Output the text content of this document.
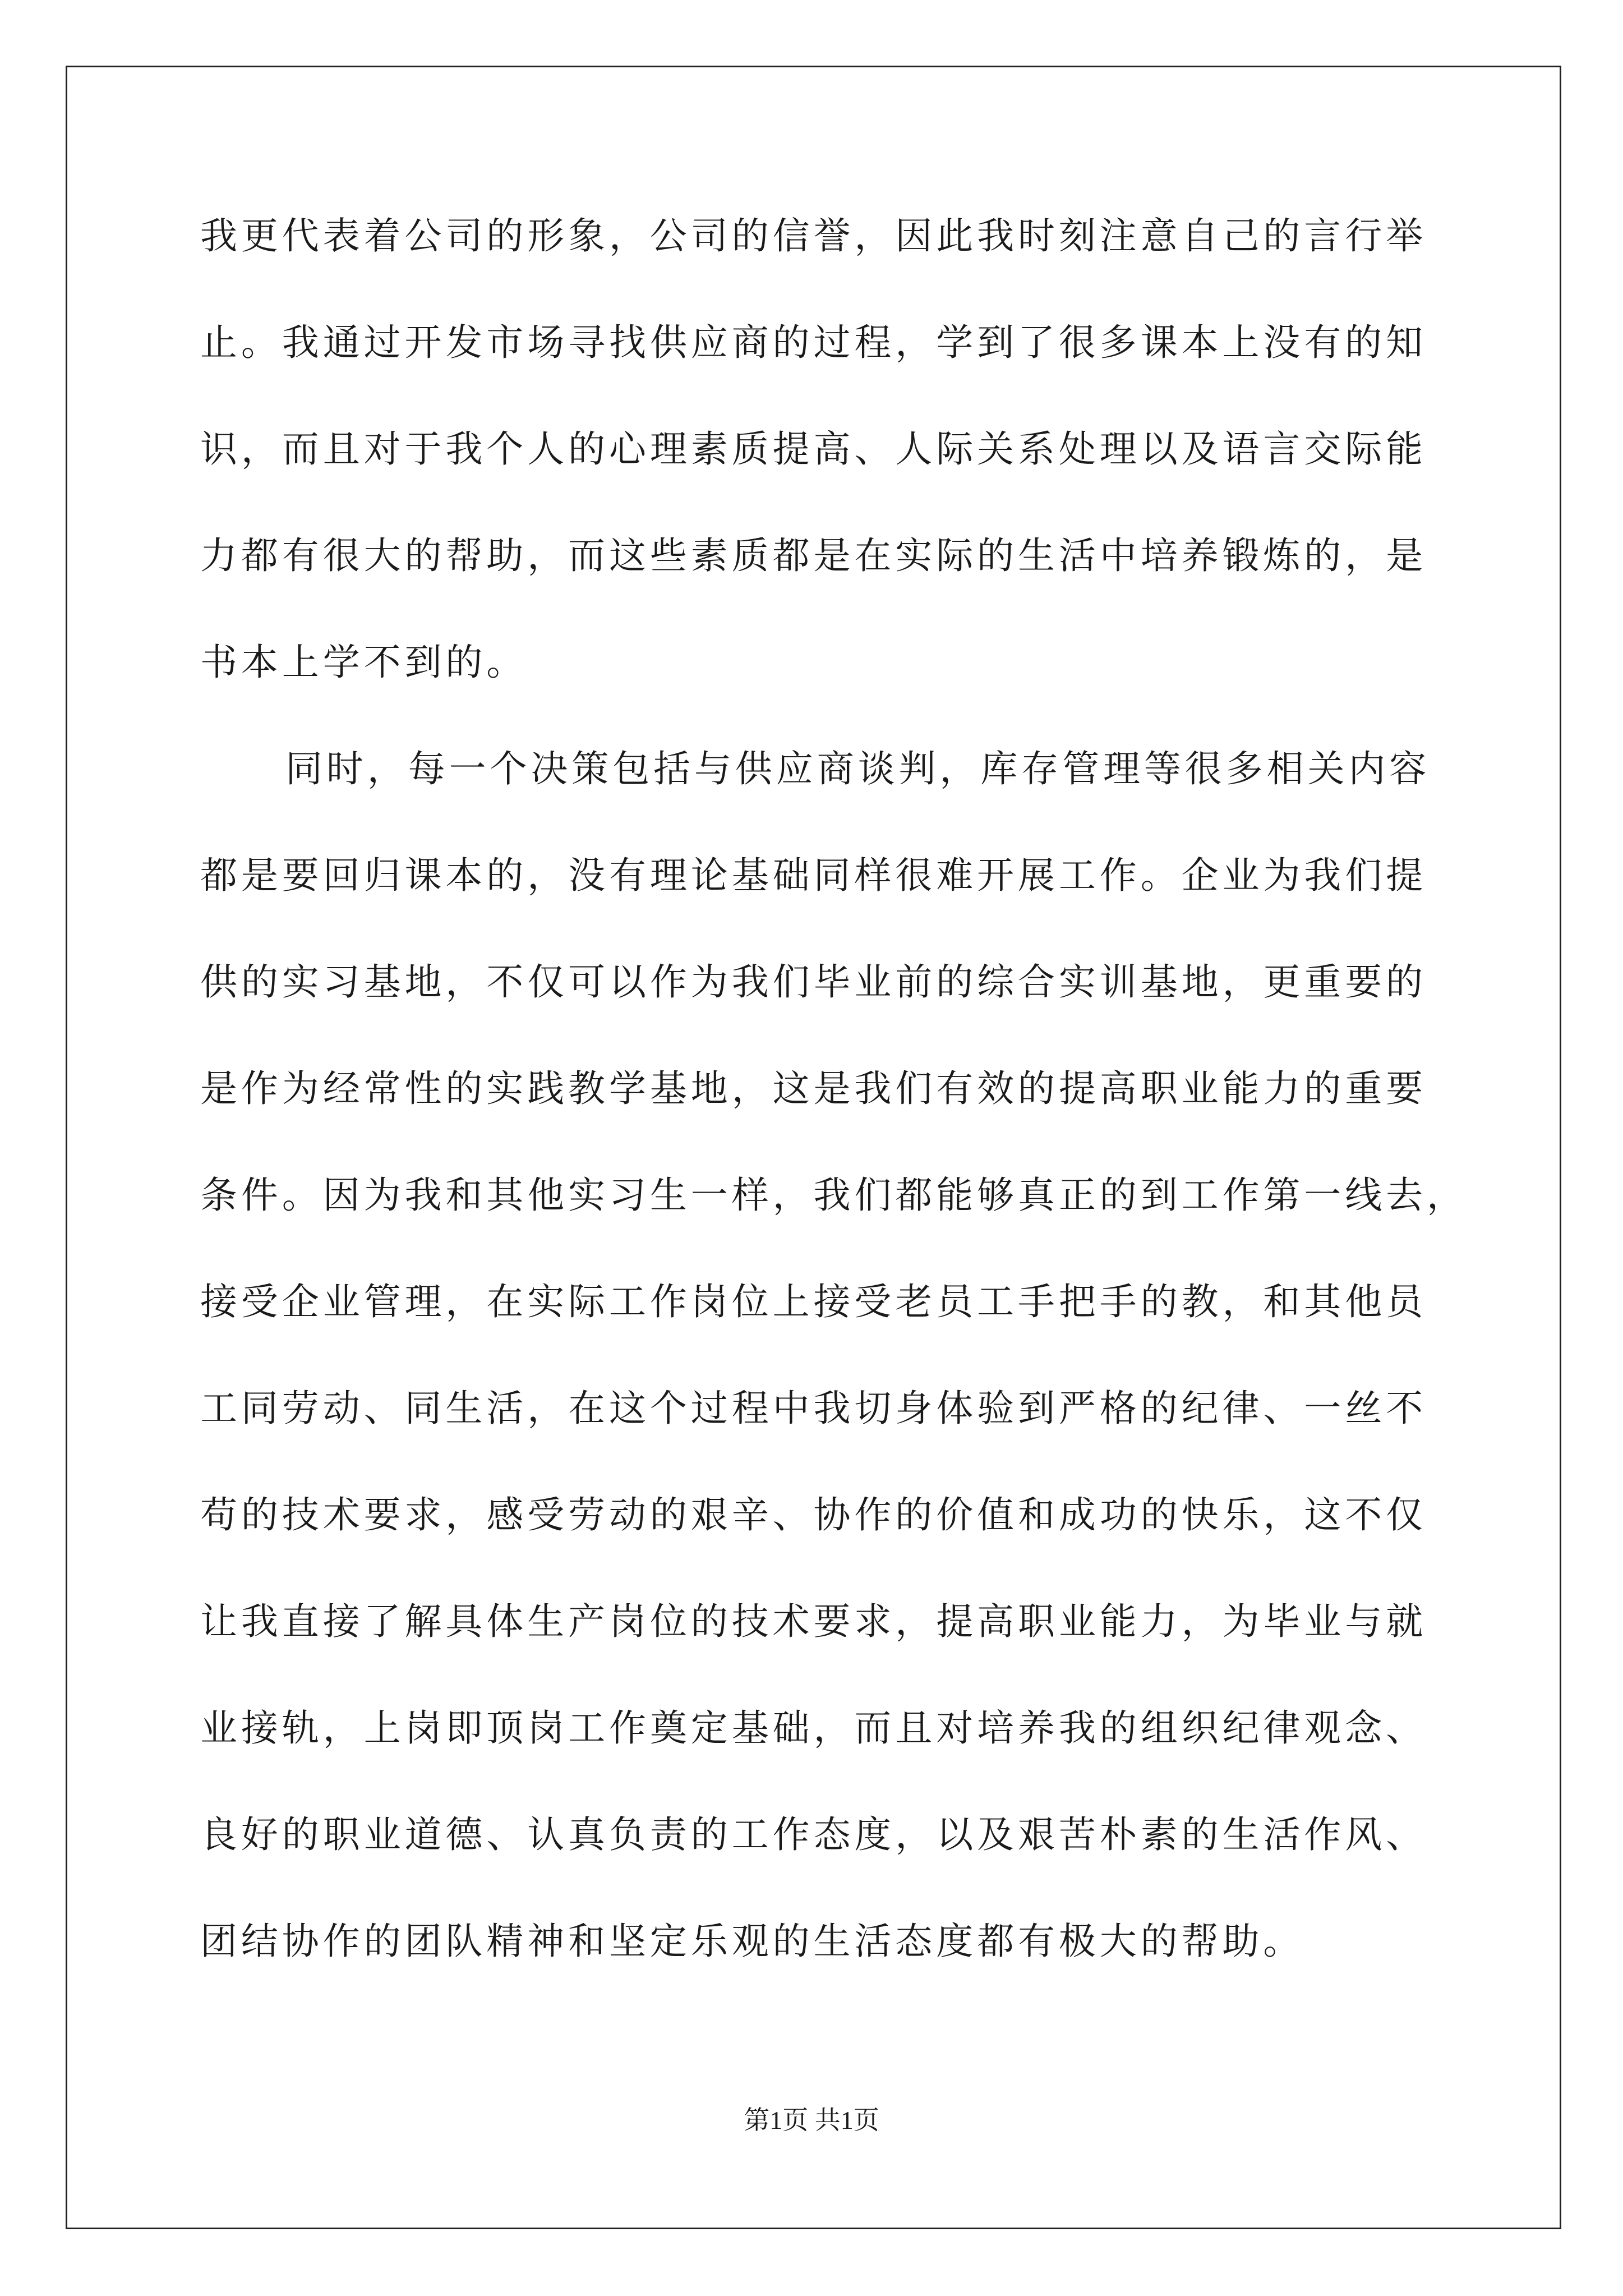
我更代表着公司的形象，公司的信誉，因此我时刻注意自己的言行举
止。我通过开发市场寻找供应商的过程，学到了很多课本上没有的知
识，而且对于我个人的心理素质提高、人际关系处理以及语言交际能
力都有很大的帮助，而这些素质都是在实际的生活中培养锻炼的，是
书本上学不到的。
同时，每一个决策包括与供应商谈判，库存管理等很多相关内容
都是要回归课本的，没有理论基础同样很难开展工作。企业为我们提
供的实习基地，不仅可以作为我们毕业前的综合实训基地，更重要的
是作为经常性的实践教学基地，这是我们有效的提高职业能力的重要
条件。因为我和其他实习生一样，我们都能够真正的到工作第一线去，
接受企业管理，在实际工作岗位上接受老员工手把手的教，和其他员
工同劳动、同生活，在这个过程中我切身体验到严格的纪律、一丝不
苟的技术要求，感受劳动的艰辛、协作的价值和成功的快乐，这不仅
让我直接了解具体生产岗位的技术要求，提高职业能力，为毕业与就
业接轨，上岗即顶岗工作奠定基础，而且对培养我的组织纪律观念、
良好的职业道德、认真负责的工作态度，以及艰苦朴素的生活作风、
团结协作的团队精神和坚定乐观的生活态度都有极大的帮助。
第1页 共1页
